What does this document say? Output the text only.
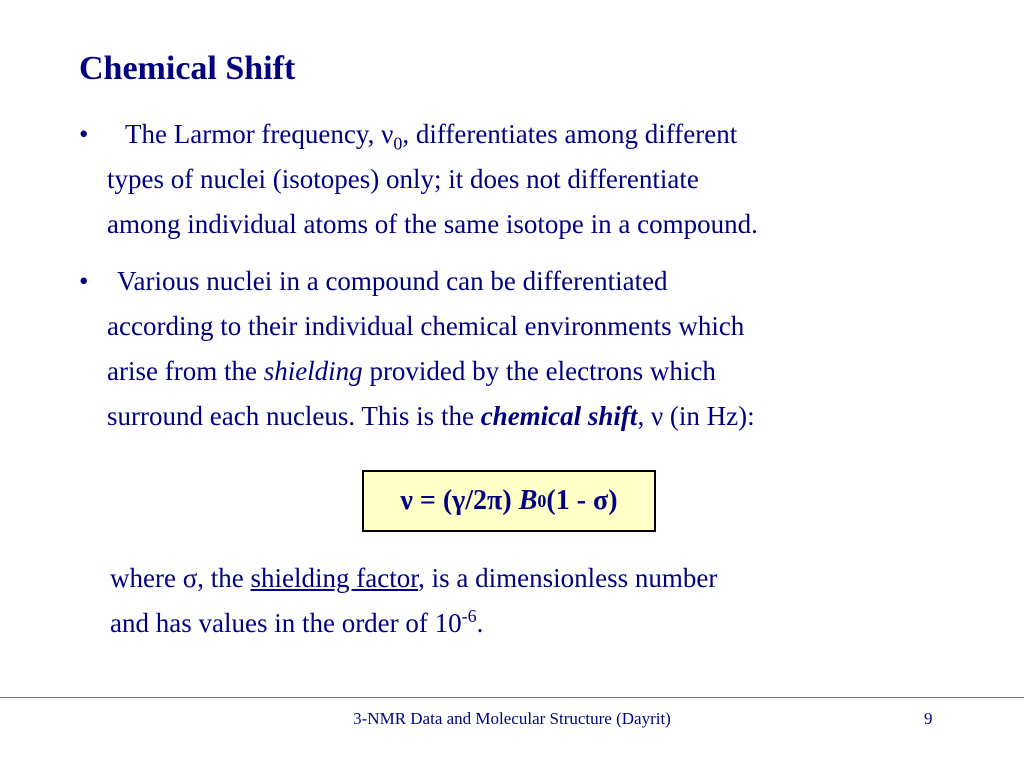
Chemical Shift
•	The Larmor frequency, $\nu_0$, differentiates among different
types of nuclei (isotopes) only; it does not differentiate
among individual atoms of the same isotope in a compound.
•	Various nuclei in a compound can be differentiated
according to their individual chemical environments which
arise from the shielding provided by the electrons which
surround each nucleus. This is the chemical shift, ν (in Hz):
ν = (γ/2π)
B 0 (1 - σ)
where σ, the shielding factor, is a dimensionless number
and has values in the order of $10^{-6}$.
3-NMR Data and Molecular Structure (Dayrit)	9
